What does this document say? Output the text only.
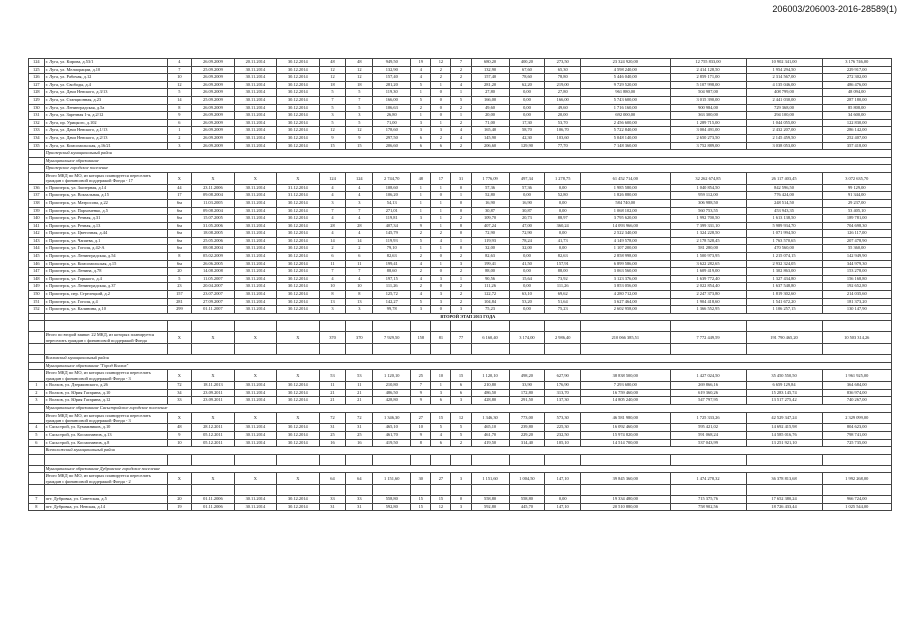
206003/206003-2016-28589(1)
124	г. Луга, ул. Кирова, д.53/1	4	26.09.2009	20.11.2014	30.12.2014	48	48	949,50	19	12	7	680,20	400,20	273,50	23 324 920,00	12 755 833,00	10 902 341,00	3 176 746,00
125	г. Луга, ул. Мелиорации, д.10	7	25.09.2009	30.11.2014	30.12.2014	12	12	132,90	4	2	2	132,90	67,60	65,30	4 598 240,00	2 414 128,50	1 954 294,50	229 917,00
126	г. Луга, ул. Рабочая, д.12	10	26.09.2009	30.11.2014	30.12.2014	12	12	157,40	4	2	2	157,40	78,60	78,80	5 446 040,00	2 859 171,00	2 314 567,00	272 302,00
127	г. Луга, ул. Свободы, д.4	12	26.09.2009	30.11.2014	30.12.2014	18	18	281,20	5	1	4	281,20	62,20	219,00	9 729 520,00	5 107 998,00	4 135 046,00	486 476,00
128	г. Луга, ул. Дачи Невского, д.3/13	5	26.09.2009	30.11.2014	30.12.2014	5	5	119,30	1	0	1	27,80	0,00	27,80	961 880,00	504 987,00	408 799,00	48 094,00
129	г. Луга, ул. Станционная, д.23	14	25.09.2009	30.11.2014	30.12.2014	7	7	166,00	5	0	5	166,00	0,00	166,00	5 743 600,00	3 015 390,00	2 441 030,00	287 180,00
130	г. Луга, ул. Ленинградская, д.5а	8	26.09.2009	30.11.2014	30.12.2014	5	5	106,63	2	0	2	49,60	0,00	49,60	1 716 160,00	900 984,00	729 368,00	85 808,00
131	г. Луга, ул. Заречная 1-я, д.2/12	9	26.09.2009	30.11.2014	30.12.2014	3	3	26,80	1	0	1	20,00	0,00	20,00	692 000,00	363 300,00	294 100,00	34 600,00
132	г. Луга, пр. Урицкого, д.102	6	26.09.2009	30.11.2014	30.12.2014	5	5	71,00	3	1	2	71,00	17,30	53,70	2 456 600,00	1 289 715,00	1 044 055,00	122 830,00
133	г. Луга, ул. Дачи Невского, д.1/13	1	26.09.2009	30.11.2014	30.12.2014	12	12	178,60	3	3	4	165,40	58,70	106,70	5 722 840,00	3 004 491,00	2 432 207,00	286 142,00
134	г. Луга, ул. Дачи Невского, д.2/13	2	26.09.2009	30.11.2014	30.12.2014	9	9	297,50	6	2	4	145,90	42,30	103,60	5 048 140,00	2 650 273,50	2 145 459,50	252 407,00
135	г. Луга, ул. Комсомольская, д.16/21	3	26.09.2009	30.11.2014	30.12.2014	15	15	206,60	6	6	2	206,60	129,90	77,70	7 148 360,00	3 752 889,00	3 038 053,00	357 418,00
	Приозерский муниципальный район																	
	Муниципальное образование																	
	Приозерское городское поселение																	
	Итого МКД по МО, из которых планируется переселить граждан с финансовой поддержкой Фонда - 17	X	X	X	X	124	124	2 744,70	48	17	31	1 776,09	497,34	1 278,75	61 452 714,00	32 262 674,85	26 117 403,45	3 072 635,70
136	г. Приозерск, ул. Заозерная, д.14	44	23.11.2006	30.11.2014	31.12.2014	4	4	108,60	1	1	0	57,36	57,36	0,00	1 985 580,00	1 040 854,50	842 596,50	99 129,00
137	г. Приозерск, ул. Вокзальная, д.15	17	09.08.2004	30.11.2014	31.12.2014	4	4	106,20	1	0	1	52,80	0,00	52,80	1 826 880,00	959 112,00	776 424,00	91 344,00
138	г. Приозерск, ул. Матросова, д.22	6м	11.03.2005	30.11.2014	30.12.2014	3	3	54,13	1	1	0	16,90	16,90	0,00	584 740,00	306 988,50	248 514,50	29 237,00
139	г. Приозерск, ул. Пархоменко, д.5	6м	09.08.2004	30.11.2014	30.12.2014	7	7	271,01	1	1	0	30,87	30,87	0,00	1 068 102,00	560 753,55	453 943,35	53 405,10
140	г. Приозерск, ул. Речная, д.31	6м	15.07.2005	30.11.2014	30.12.2014	4	4	119,81	3	1	2	109,70	20,73	88,97	3 795 620,00	1 992 700,50	1 613 138,50	189 781,00
141	г. Приозерск, ул. Речная, д.13	6м	31.05.2006	30.11.2014	30.12.2014	28	28	407,34	9	1	8	407,24	47,00	360,24	14 093 966,00	7 399 331,10	5 989 934,70	704 698,30
142	г. Приозерск, ул. Цветочная, д.44	6м	18.08.2005	30.11.2014	30.12.2014	4	4	145,79	2	2	0	72,90	72,90	0,00	2 522 340,00	1 324 228,50	1 071 994,50	126 117,00
143	г. Приозерск, ул. Чапаева, д.1	6м	25.05.2006	30.11.2014	30.12.2014	14	14	119,93	5	4	1	119,93	78,24	41,73	4 149 578,00	2 178 528,45	1 763 570,65	207 478,90
144	г. Приозерск, ул. Гоголя, д.42-А	6м	08.08.2004	30.11.2014	30.12.2014	2	2	79,10	1	1	0	32,00	32,00	0,00	1 107 200,00	581 280,00	470 560,00	55 360,00
145	г. Приозерск, ул. Ленинградская, д.54	8	05.02.2009	30.11.2014	30.12.2014	6	6	82,63	2	0	2	82,63	0,00	82,63	2 858 998,00	1 500 973,95	1 215 074,15	142 949,90
146	г. Приозерск, ул. Комсомольская, д.15	6м	26.06.2005	30.11.2014	30.12.2014	11	11	199,41	4	1	3	199,41	41,50	157,91	6 899 586,00	3 622 282,65	2 932 324,05	344 979,30
147	г. Приозерск, ул. Ленина, д.78	20	14.08.2008	30.11.2014	30.12.2014	7	7	88,60	2	0	2	88,00	0,00	88,00	3 063 560,00	1 609 419,00	1 302 863,00	153 278,00
148	г. Приозерск, ул. Горького, д.4	5	11.05.2007	30.11.2014	30.12.2014	4	4	197,15	4	3	1	90,56	15,64	73,92	3 123 376,00	1 639 772,40	1 327 434,80	156 168,80
149	г. Приозерск, ул. Ленинградская, д.37	23	20.04.2007	30.11.2014	30.12.2014	10	10	111,26	2	0	2	111,26	0,00	111,26	3 853 056,00	2 022 854,40	1 637 548,80	192 652,80
150	г. Приозерск, пер. Стрелецкий, д.2	157	23.07.2007	30.11.2014	30.12.2014	8	8	125,72	4	3	2	122,72	63,10	69,62	4 280 712,00	2 247 373,80	1 819 302,60	214 035,60
151	г. Приозерск, ул. Гоголя, д.4	281	27.09.2007	30.11.2014	30.12.2014	13	13	142,27	5	3	2	104,84	53,20	51,64	3 627 464,00	1 904 418,60	1 541 672,20	181 373,20
152	г. Приозерск, ул. Калинина, д.10	299	01.11.2007	30.11.2014	30.12.2014	3	3	99,78	3	0	3	75,23	0,00	75,23	2 602 958,00	1 366 552,95	1 106 257,15	130 147,90
	ВТОРОЙ ЭТАП 2013 ГОДА																	

	Итого по второй заявке: 22 МКД, из которых планируется переселить граждан с финансовой поддержкой Фонда	X	X	X	X	370	370	7 929,50	158	81	77	6 160,40	3 174,00	2 986,40	210 066 385,51	7 772 449,59	191 790 465,20	10 503 314,26

	Волховский муниципальный район																	
	Муниципальное образование "Город Волхов"																	
	Итого МКД по МО, из которых планируется переселить граждан с финансовой поддержкой Фонда - 3	X	X	X	X	53	53	1 120,10	25	10	15	1 120,10	498,20	627,90	38 838 500,00	1 427 024,50	35 450 550,50	1 961 925,00
1	г. Волхов, ул. Дзержинского, д.26	72	18.11.2013	30.11.2014	30.12.2014	11	11	210,80	7	1	6	210,80	33,90	176,90	7 293 680,00	269 866,16	6 659 129,84	364 684,00
2	г. Волхов, ул. Юрия Гагарина, д.10	34	23.09.2011	30.11.2014	30.12.2014	21	21	486,50	9	3	6	486,50	172,80	313,70	16 759 460,00	619 360,26	15 283 145,74	836 974,00
3	г. Волхов, ул. Юрия Гагарина, д.12	33	23.09.2011	30.11.2014	30.12.2014	21	21	428,80	9	6	3	428,80	291,50	137,30	14 805 240,00	547 797,95	13 517 275,42	740 267,00
	Муниципальное образование Сясьстройское городское поселение																	
	Итого МКД по МО, из которых планируется переселить граждан с финансовой поддержкой Фонда - 3	X	X	X	X	72	72	1 346,30	27	15	12	1 346,30	773,00	573,30	46 581 980,00	1 725 333,26	42 529 347,24	2 329 099,00
4	г. Сясьстрой, ул. Бумажников, д.10	48	28.12.2011	30.11.2014	30.12.2014	31	31	465,10	10	5	5	465,10	239,80	225,30	16 092 460,00	595 421,02	14 692 415,98	804 623,00
5	г. Сясьстрой, ул. Космонавтов, д.13	9	05.12.2011	30.11.2014	30.12.2014	25	25	461,70	9	4	5	461,70	229,20	232,50	15 974 820,00	591 068,24	14 585 016,76	798 741,00
6	г. Сясьстрой, ул. Космонавтов, д.8	10	05.12.2011	30.11.2014	30.12.2014	16	16	419,50	8	6	2	419,50	314,40	105,10	14 514 700,00	537 043,99	13 251 921,10	725 735,00
	Всеволожский муниципальный район																	

	Муниципальное образование Дубровское городское поселение																	
	Итого МКД по МО, из которых планируется переселить граждан с финансовой поддержкой Фонда - 2	X	X	X	X	64	64	1 151,60	30	27	3	1 151,60	1 004,50	147,10	39 845 360,00	1 474 278,32	36 378 813,68	1 992 268,00

7	пгт. Дубровка, ул. Советская, д.5	20	01.11.2006	30.11.2014	30.12.2014	33	33	558,80	15	15	0	558,80	558,80	0,00	19 334 480,00	715 375,76	17 652 380,24	966 724,00
8	пгт. Дубровка, ул. Невская, д.14	19	01.11.2006	30.11.2014	30.12.2014	31	31	592,80	15	12	3	592,80	445,70	147,10	20 510 880,00	758 902,56	18 726 433,44	1 025 544,00
